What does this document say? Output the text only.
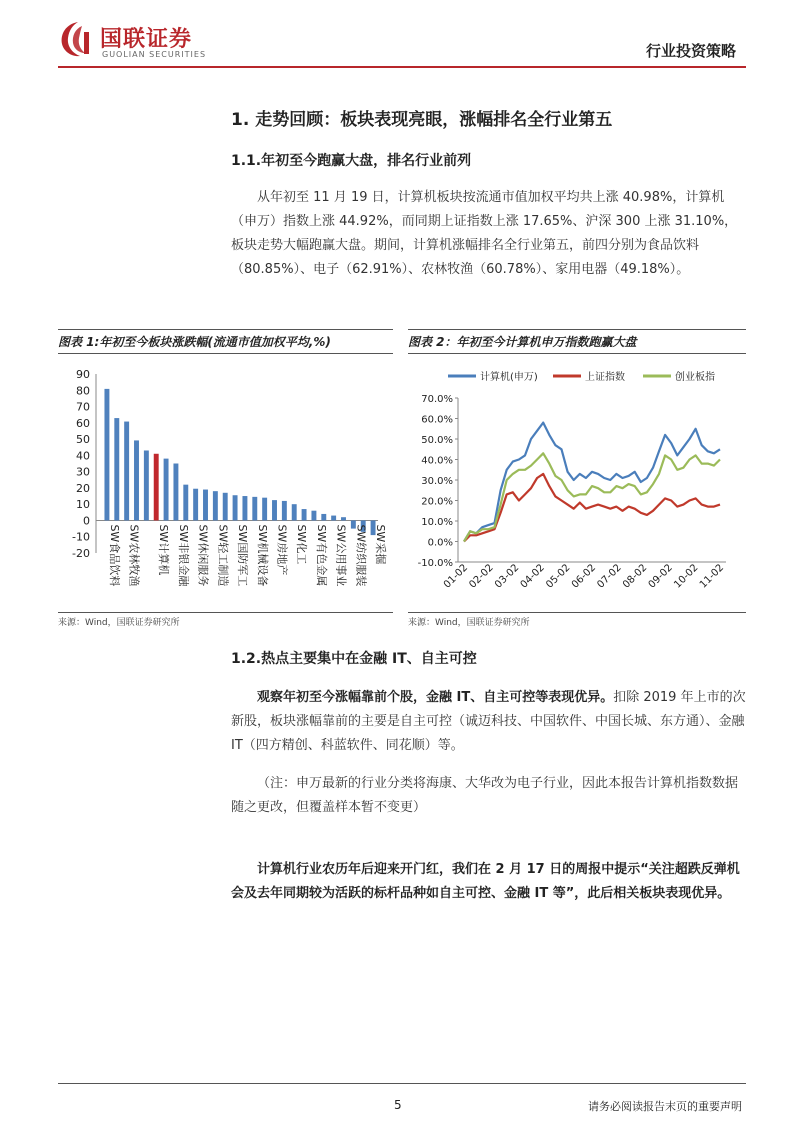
国联证券
GUOLIAN SECURITIES	行业投资策略
1. 走势回顾：板块表现亮眼，涨幅排名全行业第五
1.1.年初至今跑赢大盘，排名行业前列
从年初至 11 月 19 日，计算机板块按流通市值加权平均共上涨 40.98%，计算机（申万）指数上涨 44.92%，而同期上证指数上涨 17.65%、沪深 300 上涨 31.10%，板块走势大幅跑赢大盘。期间，计算机涨幅排名全行业第五，前四分别为食品饮料（80.85%）、电子（62.91%）、农林牧渔（60.78%）、家用电器（49.18%）。
图表 1:年初至今板块涨跌幅(流通市值加权平均,%)
90
80
70
60
50
40
30
20
10
0
-10
-20 SW食品饮料 SW农林牧渔 SW计算机 SW非银金融 SW休闲服务 SW轻工制造 SW国防军工 SW机械设备 SW房地产 SW化工 SW有色金属 SW公用事业 SW纺织服装 SW采掘
来源：Wind，国联证券研究所
图表 2：年初至今计算机申万指数跑赢大盘
计算机(申万)	上证指数	创业板指
70.0%
60.0%
50.0%
40.0%
30.0%
20.0%
10.0%
0.0%
-10.0%
01-02
02-02
03-02
04-02
05-02
06-02
07-02
08-02
09-02
10-02
11-02
来源：Wind，国联证券研究所
1.2.热点主要集中在金融 IT、自主可控
观察年初至今涨幅靠前个股，金融 IT、自主可控等表现优异。扣除 2019 年上市的次新股，板块涨幅靠前的主要是自主可控（诚迈科技、中国软件、中国长城、东方通）、金融 IT（四方精创、科蓝软件、同花顺）等。
（注：申万最新的行业分类将海康、大华改为电子行业，因此本报告计算机指数数据随之更改，但覆盖样本暂不变更）
计算机行业农历年后迎来开门红，我们在 2 月 17 日的周报中提示“关注超跌反弹机会及去年同期较为活跃的标杆品种如自主可控、金融 IT 等”，此后相关板块表现优异。
5	请务必阅读报告末页的重要声明
